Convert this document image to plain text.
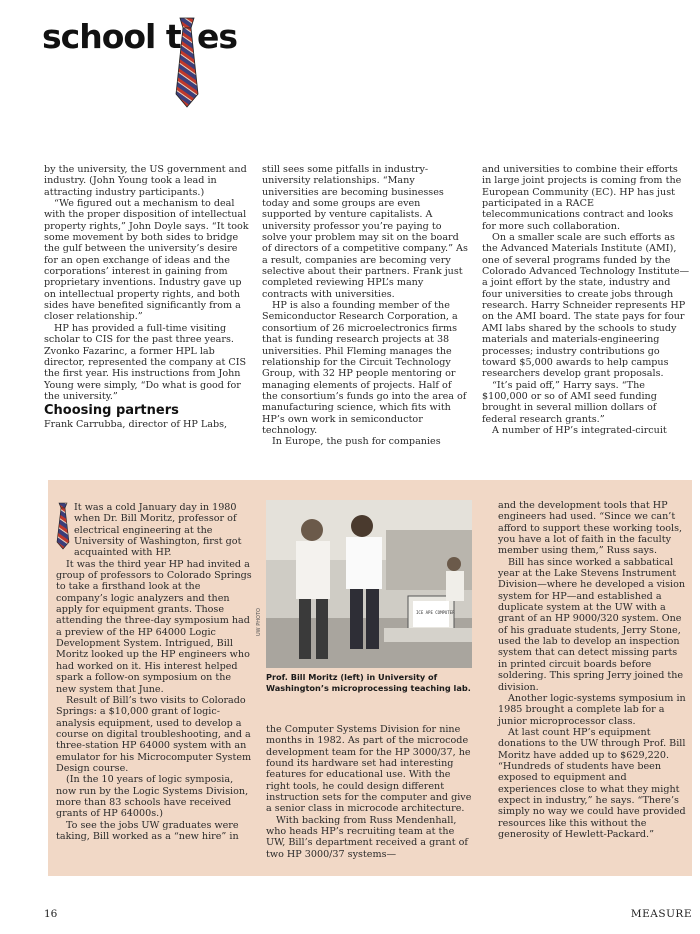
school t es

by the university, the US government and industry. (John Young took a lead in attracting industry participants.)

“We figured out a mechanism to deal with the proper disposition of intellectual property rights,” John Doyle says. “It took some movement by both sides to bridge the gulf between the university’s desire for an open exchange of ideas and the corporations’ interest in gaining from proprietary inventions. Industry gave up on intellectual property rights, and both sides have benefited significantly from a closer relationship.”

HP has provided a full-time visiting scholar to CIS for the past three years. Zvonko Fazarinc, a former HPL lab director, represented the company at CIS the first year. His instructions from John Young were simply, “Do what is good for the university.”

Choosing partners

Frank Carrubba, director of HP Labs,

still sees some pitfalls in industry-university relationships. “Many universities are becoming businesses today and some groups are even supported by venture capitalists. A university professor you’re paying to solve your problem may sit on the board of directors of a competitive company.” As a result, companies are becoming very selective about their partners. Frank just completed reviewing HPL’s many contracts with universities.

HP is also a founding member of the Semiconductor Research Corporation, a consortium of 26 microelectronics firms that is funding research projects at 38 universities. Phil Fleming manages the relationship for the Circuit Technology Group, with 32 HP people mentoring or managing elements of projects. Half of the consortium’s funds go into the area of manufacturing science, which fits with HP’s own work in semiconductor technology.

In Europe, the push for companies

and universities to combine their efforts in large joint projects is coming from the European Community (EC). HP has just participated in a RACE telecommunications contract and looks for more such collaboration.

On a smaller scale are such efforts as the Advanced Materials Institute (AMI), one of several programs funded by the Colorado Advanced Technology Institute—a joint effort by the state, industry and four universities to create jobs through research. Harry Schneider represents HP on the AMI board. The state pays for four AMI labs shared by the schools to study materials and materials-engineering processes; industry contributions go toward $5,000 awards to help campus researchers develop grant proposals.

“It’s paid off,” Harry says. “The $100,000 or so of AMI seed funding brought in several million dollars of federal research grants.”

A number of HP’s integrated-circuit

It was a cold January day in 1980 when Dr. Bill Moritz, professor of electrical engineering at the University of Washington, first got acquainted with HP.

It was the third year HP had invited a group of professors to Colorado Springs to take a firsthand look at the company’s logic analyzers and then apply for equipment grants. Those attending the three-day symposium had a preview of the HP 64000 Logic Development System. Intrigued, Bill Moritz looked up the HP engineers who had worked on it. His interest helped spark a follow-on symposium on the new system that June.

Result of Bill’s two visits to Colorado Springs: a $10,000 grant of logic-analysis equipment, used to develop a course on digital troubleshooting, and a three-station HP 64000 system with an emulator for his Microcomputer System Design course.

(In the 10 years of logic symposia, now run by the Logic Systems Division, more than 83 schools have received grants of HP 64000s.)

To see the jobs UW graduates were taking, Bill worked as a “new hire” in

ICE APE COMPUTER
UW PHOTO
Prof. Bill Moritz (left) in University of Washington’s microprocessing teaching lab.

the Computer Systems Division for nine months in 1982. As part of the microcode development team for the HP 3000/37, he found its hardware set had interesting features for educational use. With the right tools, he could design different instruction sets for the computer and give a senior class in microcode architecture.

With backing from Russ Mendenhall, who heads HP’s recruiting team at the UW, Bill’s department received a grant of two HP 3000/37 systems—

and the development tools that HP engineers had used. “Since we can’t afford to support these working tools, you have a lot of faith in the faculty member using them,” Russ says.

Bill has since worked a sabbatical year at the Lake Stevens Instrument Division—where he developed a vision system for HP—and established a duplicate system at the UW with a grant of an HP 9000/320 system. One of his graduate students, Jerry Stone, used the lab to develop an inspection system that can detect missing parts in printed circuit boards before soldering. This spring Jerry joined the division.

Another logic-systems symposium in 1985 brought a complete lab for a junior microprocessor class.

At last count HP’s equipment donations to the UW through Prof. Bill Moritz have added up to $629,220. “Hundreds of students have been exposed to equipment and experiences close to what they might expect in industry,” he says. “There’s simply no way we could have provided resources like this without the generosity of Hewlett-Packard.”

16	MEASURE
